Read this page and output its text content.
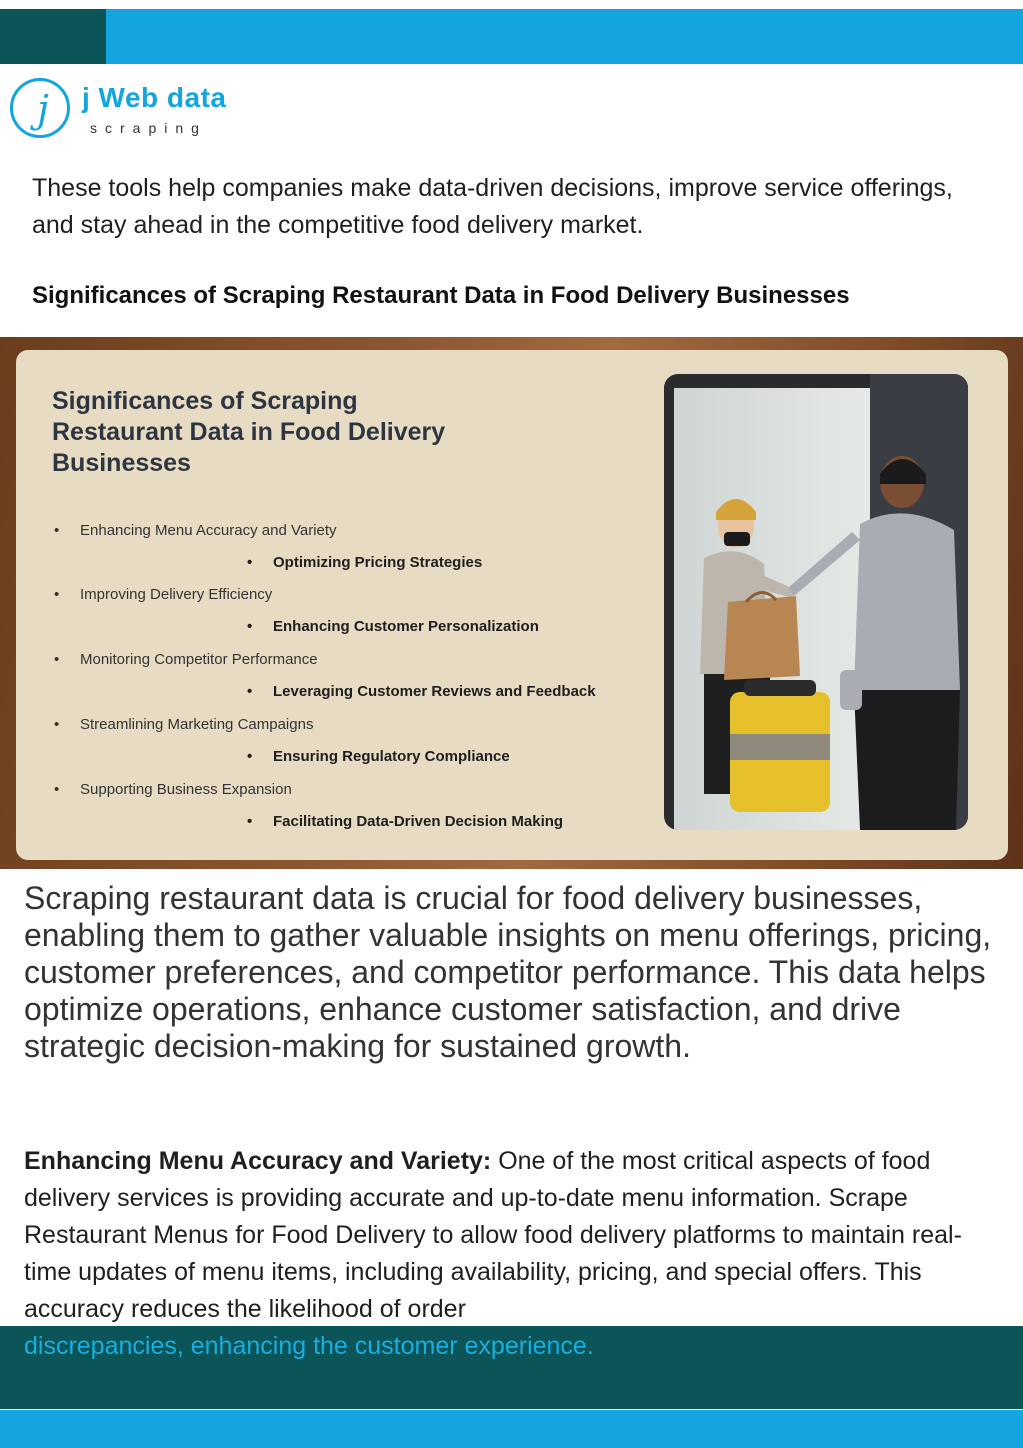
j	j Web data
scraping

These tools help companies make data-driven decisions, improve service offerings, and stay ahead in the competitive food delivery market.

Significances of Scraping Restaurant Data in Food Delivery Businesses
Significances of Scraping Restaurant Data in Food Delivery Businesses
• Enhancing Menu Accuracy and Variety
• Optimizing Pricing Strategies
• Improving Delivery Efficiency
• Enhancing Customer Personalization
• Monitoring Competitor Performance
• Leveraging Customer Reviews and Feedback
• Streamlining Marketing Campaigns
• Ensuring Regulatory Compliance
• Supporting Business Expansion
• Facilitating Data-Driven Decision Making

Scraping restaurant data is crucial for food delivery businesses, enabling them to gather valuable insights on menu offerings, pricing, customer preferences, and competitor performance. This data helps optimize operations, enhance customer satisfaction, and drive strategic decision-making for sustained growth.

Enhancing Menu Accuracy and Variety: One of the most critical aspects of food delivery services is providing accurate and up-to-date menu information. Scrape Restaurant Menus for Food Delivery to allow food delivery platforms to maintain real-time updates of menu items, including availability, pricing, and special offers. This accuracy reduces the likelihood of order

discrepancies, enhancing the customer experience.
